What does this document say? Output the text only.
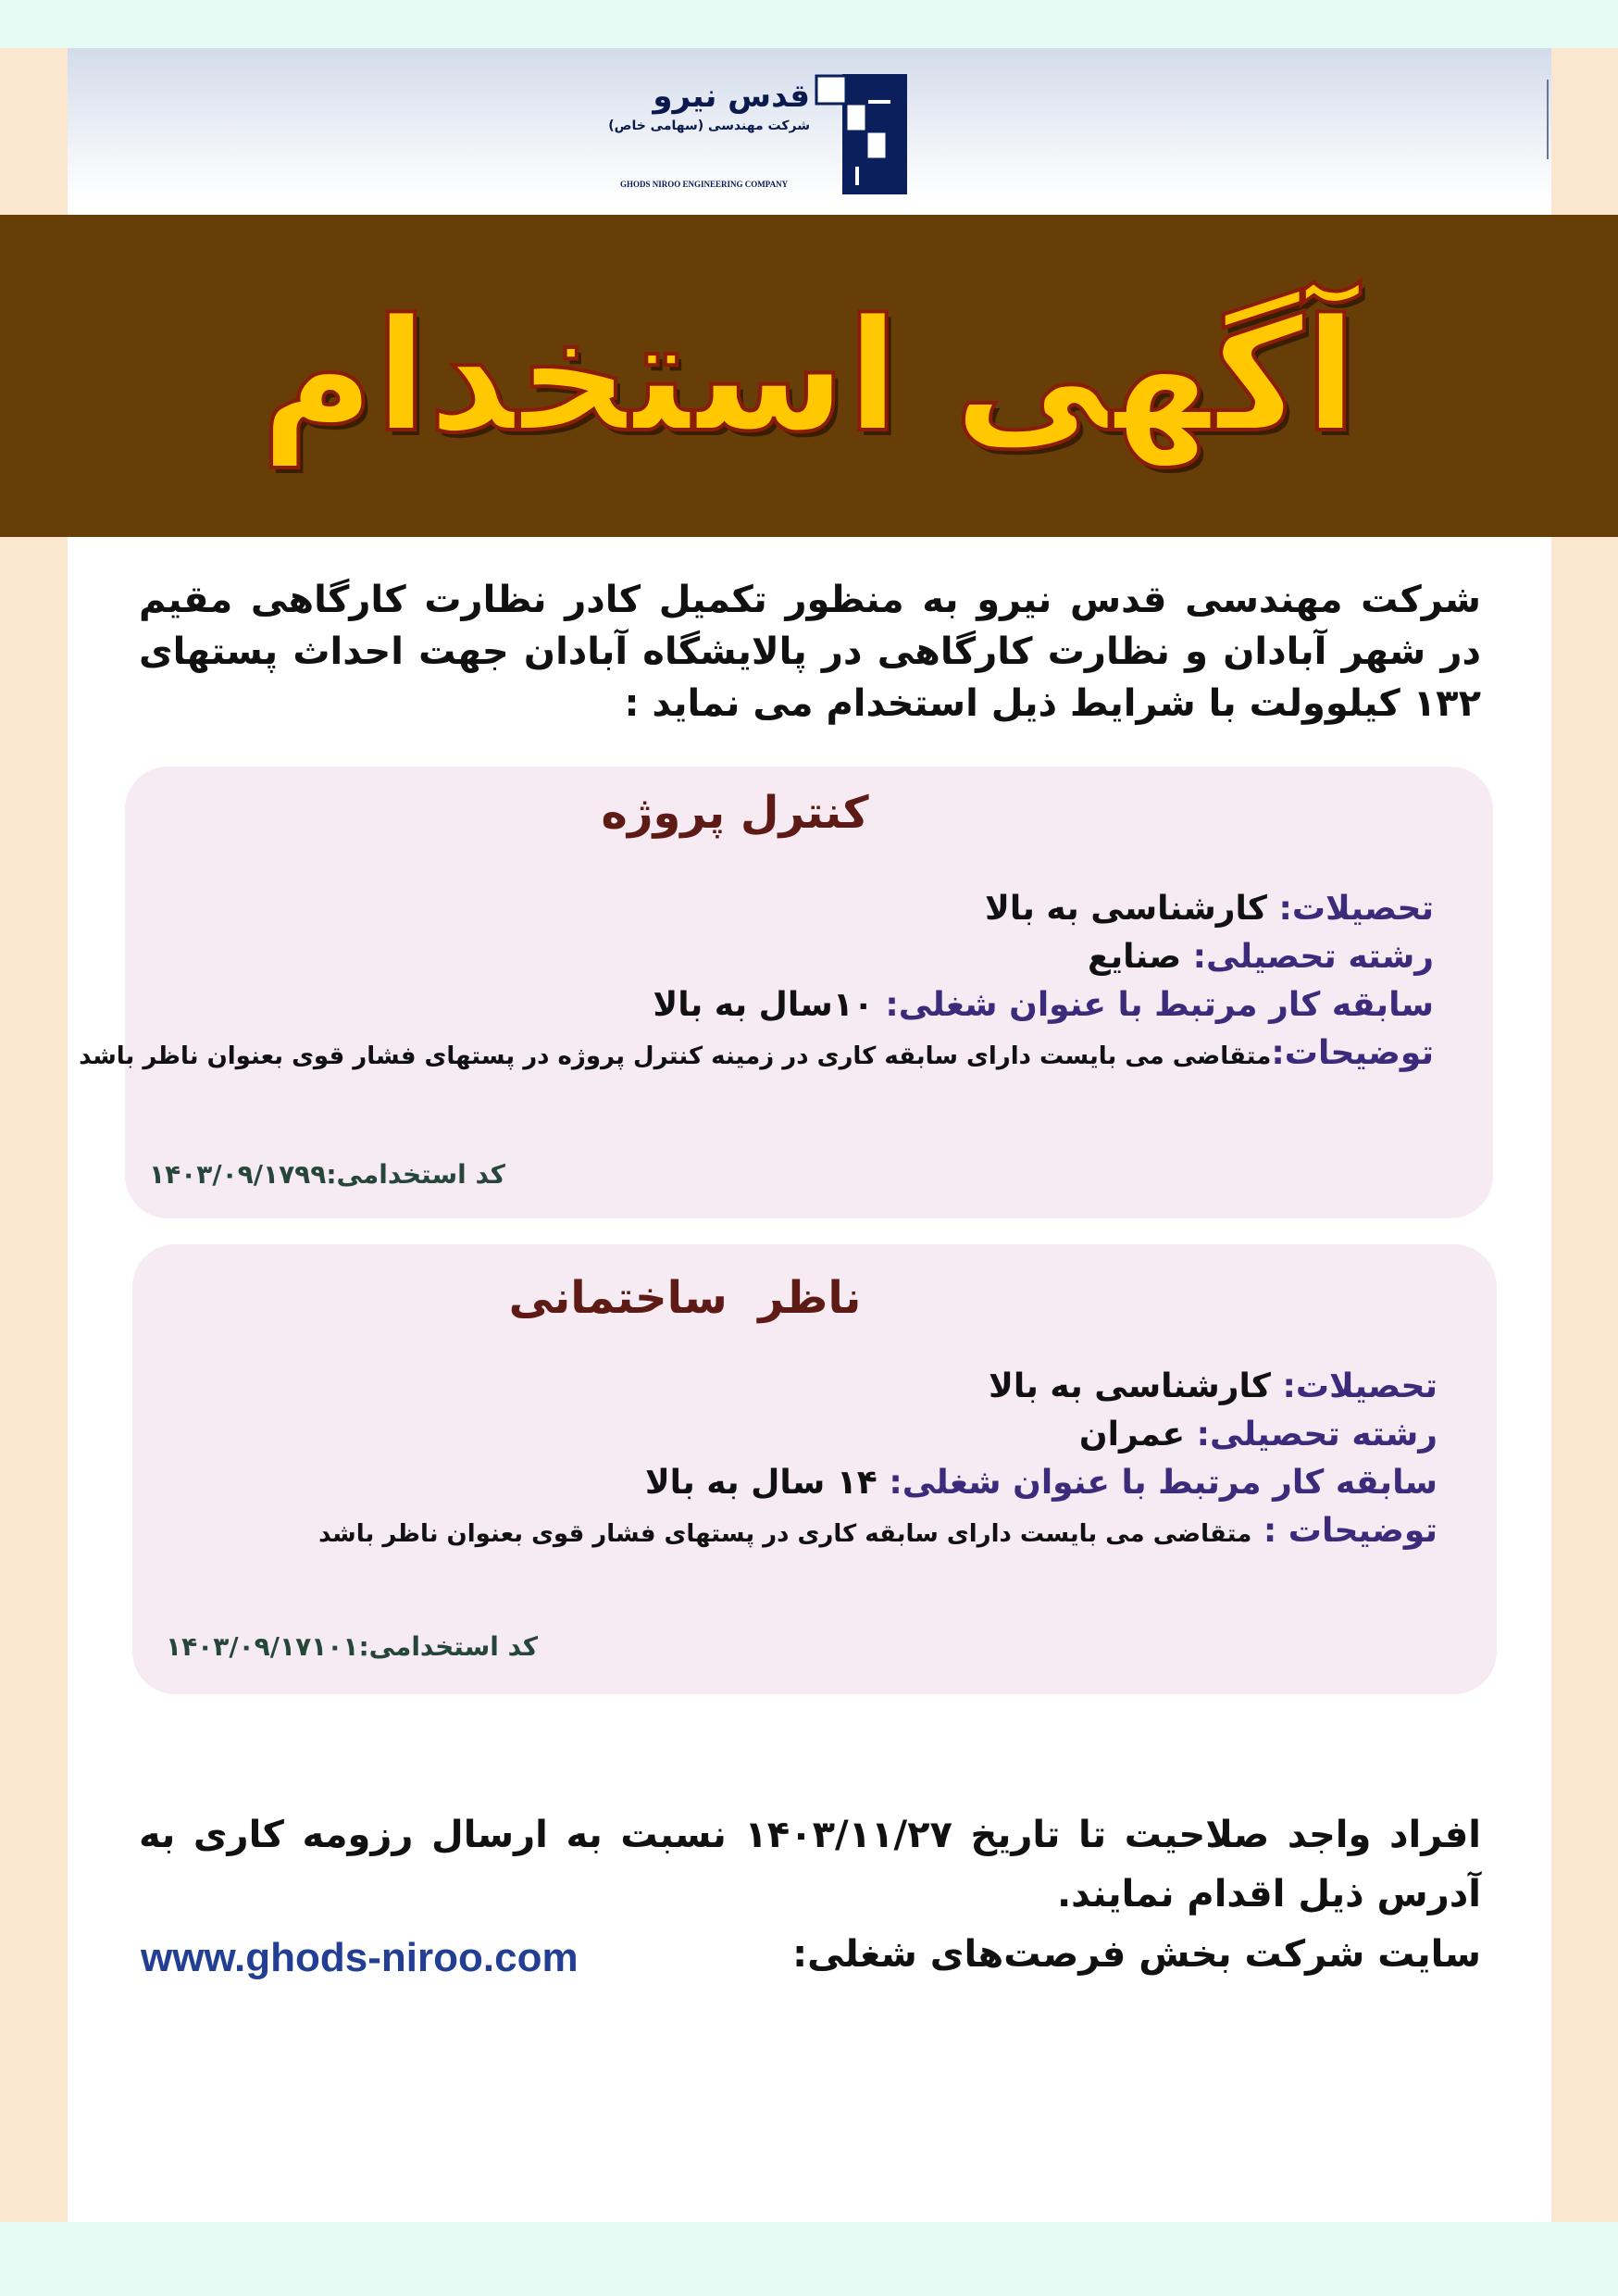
قدس نیرو
شرکت مهندسی (سهامی خاص)
GHODS NIROO ENGINEERING COMPANY
آگهی استخدام
شرکت مهندسی قدس نیرو به منظور تکمیل کادر نظارت کارگاهی مقیم در شهر آبادان و نظارت کارگاهی در پالایشگاه آبادان جهت احداث پستهای ۱۳۲ کیلوولت با شرایط ذیل استخدام می نماید :
کنترل پروژه
تحصیلات: کارشناسی به بالا
رشته تحصیلی: صنایع
سابقه کار مرتبط با عنوان شغلی: ۱۰سال به بالا
توضیحات:متقاضی می بایست دارای سابقه کاری در زمینه کنترل پروژه در پستهای فشار قوی بعنوان ناظر باشد
کد استخدامی:۱۴۰۳/۰۹/۱۷۹۹
ناظر  ساختمانی
تحصیلات: کارشناسی به بالا
رشته تحصیلی: عمران
سابقه کار مرتبط با عنوان شغلی: ۱۴ سال به بالا
توضیحات : متقاضی می بایست دارای سابقه کاری در پستهای فشار قوی بعنوان ناظر باشد
کد استخدامی:۱۴۰۳/۰۹/۱۷۱۰۱
افراد واجد صلاحیت تا تاریخ ۱۴۰۳/۱۱/۲۷ نسبت به ارسال رزومه کاری به آدرس ذیل اقدام نمایند.
سایت شرکت بخش فرصت‌های شغلی:
www.ghods-niroo.com
